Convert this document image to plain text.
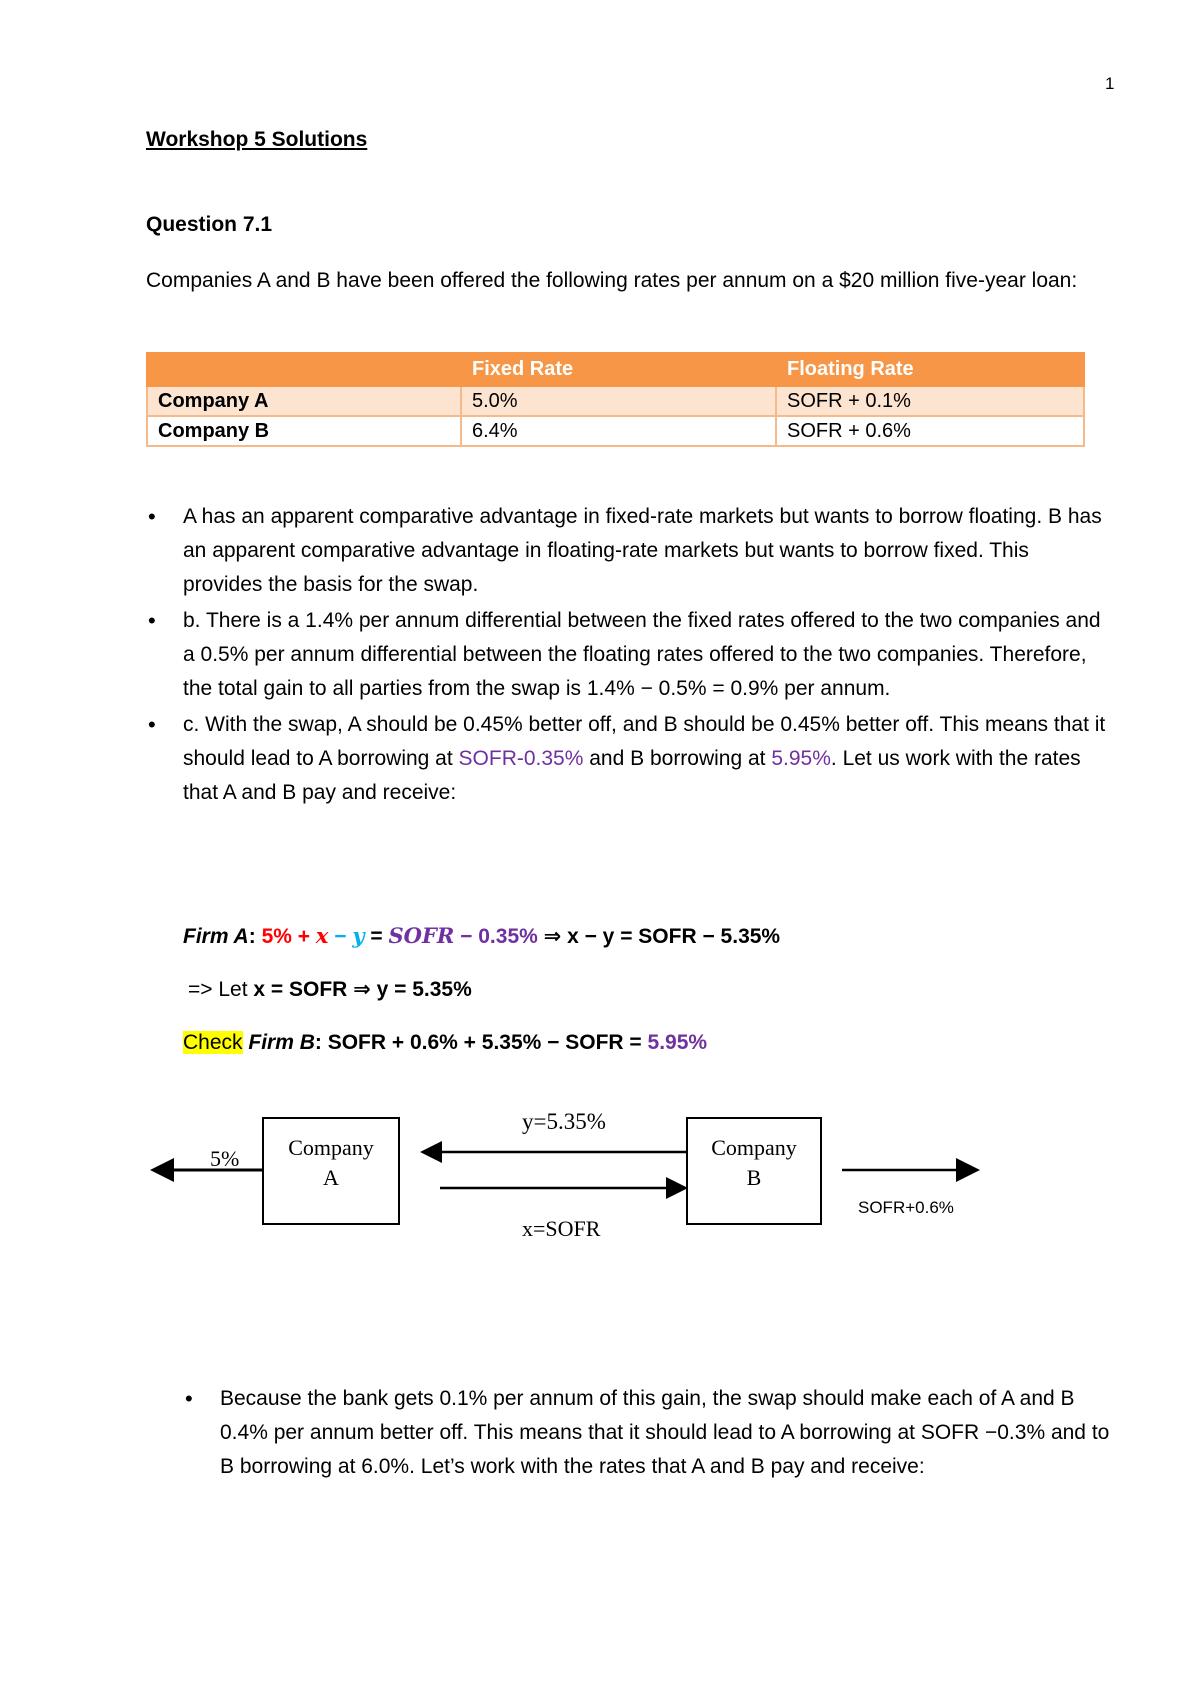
1
Workshop 5 Solutions
Question 7.1
Companies A and B have been offered the following rates per annum on a $20 million five-year loan:
	Fixed Rate	Floating Rate
Company A	5.0%	SOFR + 0.1%
Company B	6.4%	SOFR + 0.6%
• A has an apparent comparative advantage in fixed-rate markets but wants to borrow floating. B has an apparent comparative advantage in floating-rate markets but wants to borrow fixed. This provides the basis for the swap.
• b. There is a 1.4% per annum differential between the fixed rates offered to the two companies and a 0.5% per annum differential between the floating rates offered to the two companies. Therefore, the total gain to all parties from the swap is 1.4% − 0.5% = 0.9% per annum.
• c. With the swap, A should be 0.45% better off, and B should be 0.45% better off. This means that it should lead to A borrowing at SOFR-0.35% and B borrowing at 5.95%. Let us work with the rates that A and B pay and receive:
Firm A: 5% + x − y = SOFR − 0.35% ⇒ x − y = SOFR − 5.35%
=> Let x = SOFR ⇒ y = 5.35%
Check Firm B: SOFR + 0.6% + 5.35% − SOFR = 5.95%
Company
A
Company
B
5%
y=5.35%
x=SOFR
SOFR+0.6%
•	Because the bank gets 0.1% per annum of this gain, the swap should make each of A and B 0.4% per annum better off. This means that it should lead to A borrowing at SOFR −0.3% and to B borrowing at 6.0%. Let’s work with the rates that A and B pay and receive:
